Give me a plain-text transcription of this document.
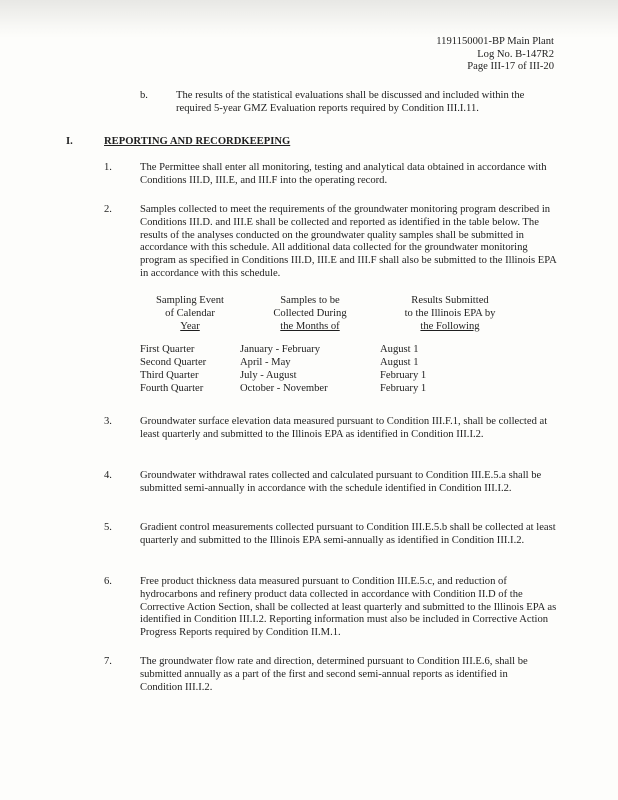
1191150001-BP Main Plant
Log No. B-147R2
Page III-17 of III-20
b.	The results of the statistical evaluations shall be discussed and included within the required 5-year GMZ Evaluation reports required by Condition III.I.11.

I.	REPORTING AND RECORDKEEPING
1.	The Permittee shall enter all monitoring, testing and analytical data obtained in accordance with Conditions III.D, III.E, and III.F into the operating record.

2.	Samples collected to meet the requirements of the groundwater monitoring program described in Conditions III.D. and III.E shall be collected and reported as identified in the table below. The results of the analyses conducted on the groundwater quality samples shall be submitted in accordance with this schedule. All additional data collected for the groundwater monitoring program as specified in Conditions III.D, III.E and III.F shall also be submitted to the Illinois EPA in accordance with this schedule.

Sampling Event	Samples to be	Results Submitted
of Calendar	Collected During	to the Illinois EPA by
Year	the Months of	the Following

First Quarter	January - February	August 1
Second Quarter	April - May	August 1
Third Quarter	July - August	February 1
Fourth Quarter	October - November	February 1
3.	Groundwater surface elevation data measured pursuant to Condition III.F.1, shall be collected at least quarterly and submitted to the Illinois EPA as identified in Condition III.I.2.

4.	Groundwater withdrawal rates collected and calculated pursuant to Condition III.E.5.a shall be submitted semi-annually in accordance with the schedule identified in Condition III.I.2.

5.	Gradient control measurements collected pursuant to Condition III.E.5.b shall be collected at least quarterly and submitted to the Illinois EPA semi-annually as identified in Condition III.I.2.

6.	Free product thickness data measured pursuant to Condition III.E.5.c, and reduction of hydrocarbons and refinery product data collected in accordance with Condition II.D of the Corrective Action Section, shall be collected at least quarterly and submitted to the Illinois EPA as identified in Condition III.I.2. Reporting information must also be included in Corrective Action Progress Reports required by Condition II.M.1.

7.	The groundwater flow rate and direction, determined pursuant to Condition III.E.6, shall be submitted annually as a part of the first and second semi-annual reports as identified in Condition III.I.2.
